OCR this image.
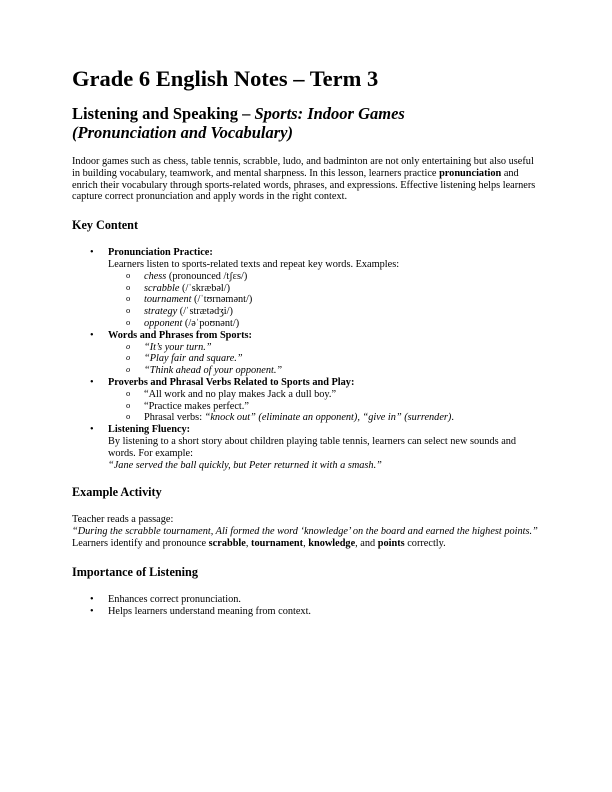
Grade 6 English Notes – Term 3
Listening and Speaking – Sports: Indoor Games
(Pronunciation and Vocabulary)

Indoor games such as chess, table tennis, scrabble, ludo, and badminton are not only entertaining but also useful in building vocabulary, teamwork, and mental sharpness. In this lesson, learners practice pronunciation and enrich their vocabulary through sports-related words, phrases, and expressions. Effective listening helps learners capture correct pronunciation and apply words in the right context.

Key Content
• Pronunciation Practice:
Learners listen to sports-related texts and repeat key words. Examples:
o chess (pronounced /tʃɛs/)
o scrabble (/ˈskræbəl/)
o tournament (/ˈtʊrnəmənt/)
o strategy (/ˈstrætədʒi/)
o opponent (/əˈpoʊnənt/)
• Words and Phrases from Sports:
o “It’s your turn.”
o “Play fair and square.”
o “Think ahead of your opponent.”
• Proverbs and Phrasal Verbs Related to Sports and Play:
o “All work and no play makes Jack a dull boy.”
o “Practice makes perfect.”
o Phrasal verbs: “knock out” (eliminate an opponent), “give in” (surrender).
• Listening Fluency:
By listening to a short story about children playing table tennis, learners can select new sounds and words. For example:
“Jane served the ball quickly, but Peter returned it with a smash.”
Example Activity

Teacher reads a passage:

“During the scrabble tournament, Ali formed the word ‘knowledge’ on the board and earned the highest points.”

Learners identify and pronounce scrabble, tournament, knowledge, and points correctly.

Importance of Listening
• Enhances correct pronunciation.
• Helps learners understand meaning from context.
